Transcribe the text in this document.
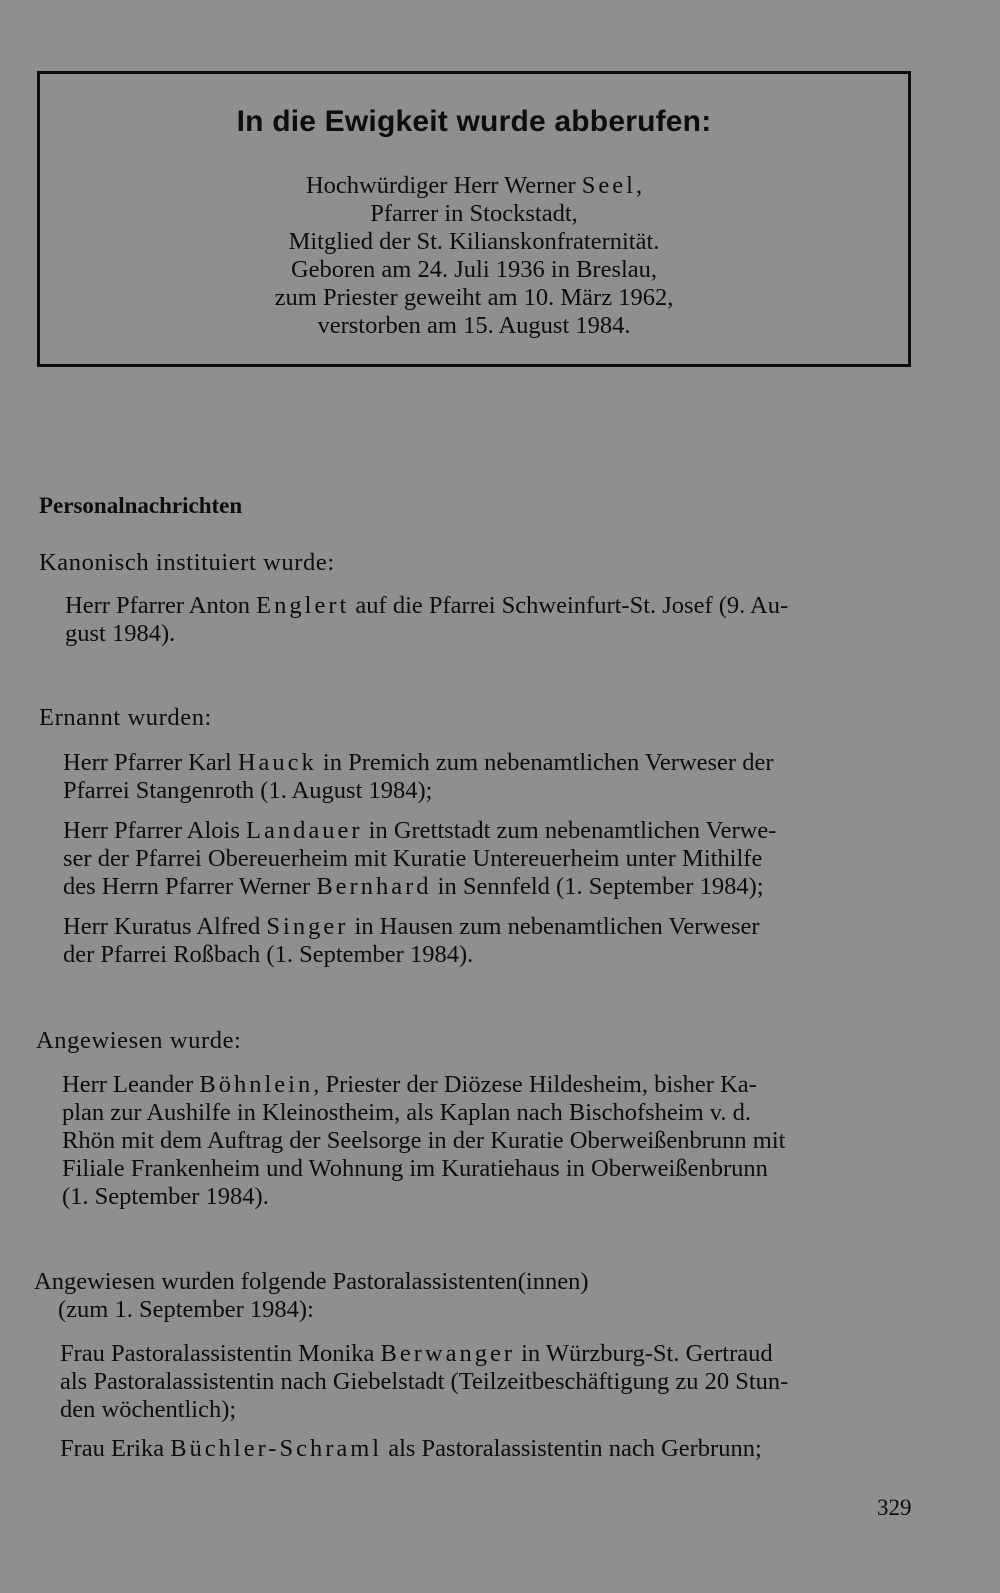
In die Ewigkeit wurde abberufen:
Hochwürdiger Herr Werner Seel,
Pfarrer in Stockstadt,
Mitglied der St. Kilianskonfraternität.
Geboren am 24. Juli 1936 in Breslau,
zum Priester geweiht am 10. März 1962,
verstorben am 15. August 1984.
Personalnachrichten
Kanonisch instituiert wurde:
Herr Pfarrer Anton Englert auf die Pfarrei Schweinfurt-St. Josef (9. Au-
gust 1984).
Ernannt wurden:
Herr Pfarrer Karl Hauck in Premich zum nebenamtlichen Verweser der
Pfarrei Stangenroth (1. August 1984);
Herr Pfarrer Alois Landauer in Grettstadt zum nebenamtlichen Verwe-
ser der Pfarrei Obereuerheim mit Kuratie Untereuerheim unter Mithilfe
des Herrn Pfarrer Werner Bernhard in Sennfeld (1. September 1984);
Herr Kuratus Alfred Singer in Hausen zum nebenamtlichen Verweser
der Pfarrei Roßbach (1. September 1984).
Angewiesen wurde:
Herr Leander Böhnlein, Priester der Diözese Hildesheim, bisher Ka-
plan zur Aushilfe in Kleinostheim, als Kaplan nach Bischofsheim v. d.
Rhön mit dem Auftrag der Seelsorge in der Kuratie Oberweißenbrunn mit
Filiale Frankenheim und Wohnung im Kuratiehaus in Oberweißenbrunn
(1. September 1984).
Angewiesen wurden folgende Pastoralassistenten(innen)
(zum 1. September 1984):
Frau Pastoralassistentin Monika Berwanger in Würzburg-St. Gertraud
als Pastoralassistentin nach Giebelstadt (Teilzeitbeschäftigung zu 20 Stun-
den wöchentlich);
Frau Erika Büchler-Schraml als Pastoralassistentin nach Gerbrunn;
329
